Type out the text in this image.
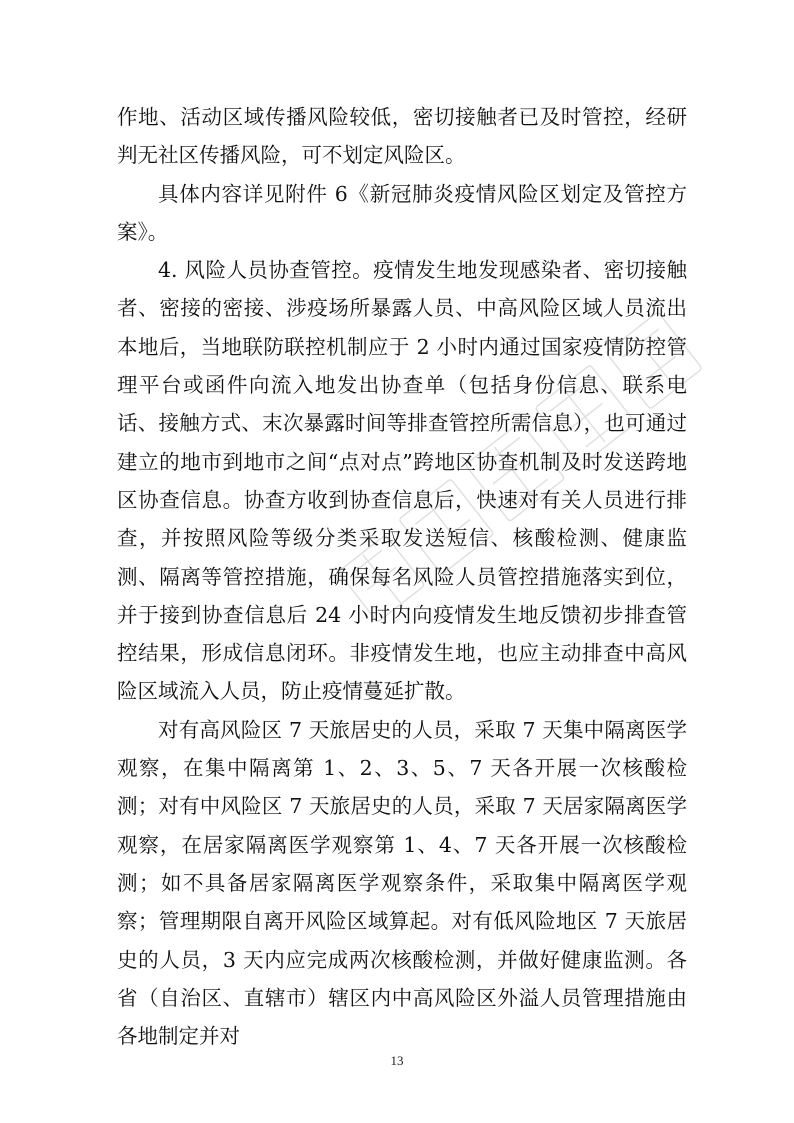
作地、活动区域传播风险较低，密切接触者已及时管控，经研判无社区传播风险，可不划定风险区。

具体内容详见附件 6《新冠肺炎疫情风险区划定及管控方案》。

4. 风险人员协查管控。疫情发生地发现感染者、密切接触者、密接的密接、涉疫场所暴露人员、中高风险区域人员流出本地后，当地联防联控机制应于 2 小时内通过国家疫情防控管理平台或函件向流入地发出协查单（包括身份信息、联系电话、接触方式、末次暴露时间等排查管控所需信息），也可通过建立的地市到地市之间“点对点”跨地区协查机制及时发送跨地区协查信息。协查方收到协查信息后，快速对有关人员进行排查，并按照风险等级分类采取发送短信、核酸检测、健康监测、隔离等管控措施，确保每名风险人员管控措施落实到位，并于接到协查信息后 24 小时内向疫情发生地反馈初步排查管控结果，形成信息闭环。非疫情发生地，也应主动排查中高风险区域流入人员，防止疫情蔓延扩散。

对有高风险区 7 天旅居史的人员，采取 7 天集中隔离医学观察，在集中隔离第 1、2、3、5、7 天各开展一次核酸检测；对有中风险区 7 天旅居史的人员，采取 7 天居家隔离医学观察，在居家隔离医学观察第 1、4、7 天各开展一次核酸检测；如不具备居家隔离医学观察条件，采取集中隔离医学观察；管理期限自离开风险区域算起。对有低风险地区 7 天旅居史的人员，3 天内应完成两次核酸检测，并做好健康监测。各省（自治区、直辖市）辖区内中高风险区外溢人员管理措施由各地制定并对

13
